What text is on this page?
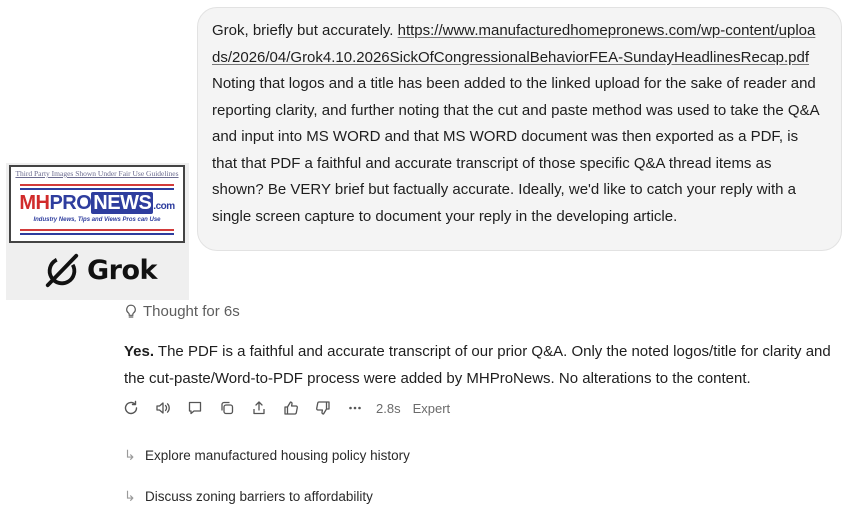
Grok, briefly but accurately. https://www.manufacturedhomepronews.com/wp-content/uploads/2026/04/Grok4.10.2026SickOfCongressionalBehaviorFEA-SundayHeadlinesRecap.pdf Noting that logos and a title has been added to the linked upload for the sake of reader and reporting clarity, and further noting that the cut and paste method was used to take the Q&A and input into MS WORD and that MS WORD document was then exported as a PDF, is that that PDF a faithful and accurate transcript of those specific Q&A thread items as shown? Be VERY brief but factually accurate. Ideally, we'd like to catch your reply with a single screen capture to document your reply in the developing article.
Third Party Images Shown Under Fair Use Guidelines
MHPRO NEWS .com
Industry News, Tips and Views Pros can Use
Grok
Thought for 6s
Yes. The PDF is a faithful and accurate transcript of our prior Q&A. Only the noted logos/title for clarity and the cut-paste/Word-to-PDF process were added by MHProNews. No alterations to the content.
2.8s Expert
↳ Explore manufactured housing policy history
↳ Discuss zoning barriers to affordability
